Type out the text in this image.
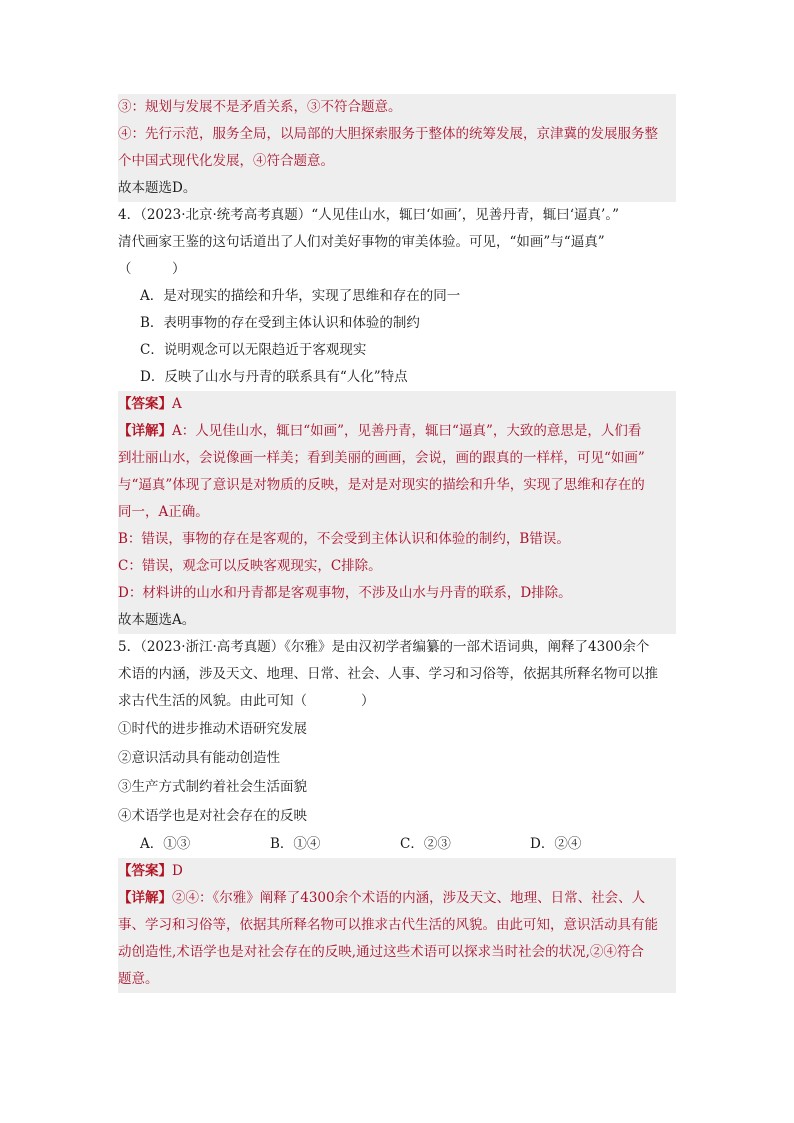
③：规划与发展不是矛盾关系，③不符合题意。

④：先行示范，服务全局，以局部的大胆探索服务于整体的统筹发展，京津冀的发展服务整

个中国式现代化发展，④符合题意。

故本题选D。

4．（2023·北京·统考高考真题）“人见佳山水，辄曰‘如画’，见善丹青，辄曰‘逼真’。”

清代画家王鉴的这句话道出了人们对美好事物的审美体验。可见，“如画”与“逼真”

（　　　）

A．是对现实的描绘和升华，实现了思维和存在的同一

B．表明事物的存在受到主体认识和体验的制约

C．说明观念可以无限趋近于客观现实

D．反映了山水与丹青的联系具有“人化”特点

【答案】A

【详解】A：人见佳山水，辄曰“如画”，见善丹青，辄曰“逼真”，大致的意思是，人们看

到壮丽山水，会说像画一样美；看到美丽的画画，会说，画的跟真的一样样，可见“如画”

与“逼真”体现了意识是对物质的反映，是对是对现实的描绘和升华，实现了思维和存在的

同一，A正确。

B：错误，事物的存在是客观的，不会受到主体认识和体验的制约，B错误。

C：错误，观念可以反映客观现实，C排除。

D：材料讲的山水和丹青都是客观事物，不涉及山水与丹青的联系，D排除。

故本题选A。

5．（2023·浙江·高考真题）《尔雅》是由汉初学者编纂的一部术语词典，阐释了4300余个

术语的内涵，涉及天文、地理、日常、社会、人事、学习和习俗等，依据其所释名物可以推

求古代生活的风貌。由此可知（　　　　）

①时代的进步推动术语研究发展

②意识活动具有能动创造性

③生产方式制约着社会生活面貌

④术语学也是对社会存在的反映

A．①③	B．①④	C．②③	D．②④

【答案】D

【详解】②④：《尔雅》阐释了4300余个术语的内涵，涉及天文、地理、日常、社会、人

事、学习和习俗等，依据其所释名物可以推求古代生活的风貌。由此可知，意识活动具有能

动创造性,术语学也是对社会存在的反映,通过这些术语可以探求当时社会的状况,②④符合

题意。
